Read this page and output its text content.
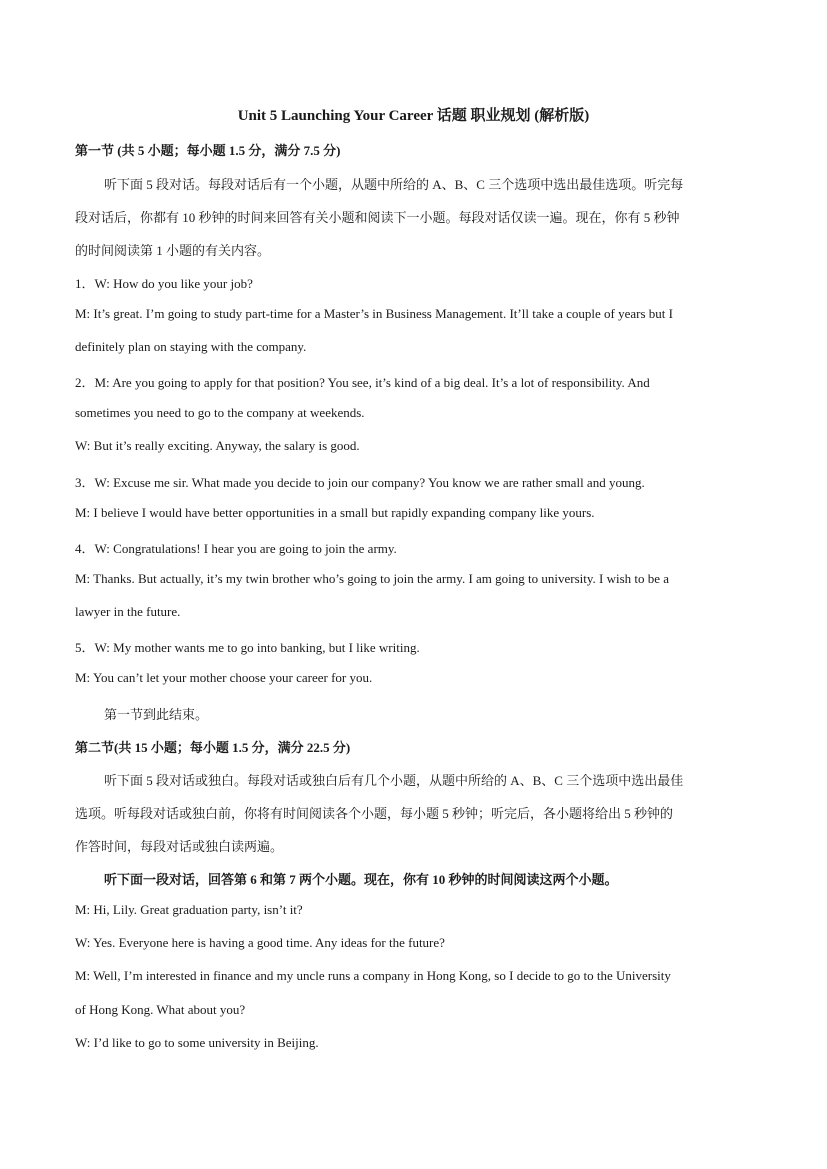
Unit 5 Launching Your Career 话题 职业规划 (解析版)
第一节 (共 5 小题；每小题 1.5 分，满分 7.5 分)
听下面 5 段对话。每段对话后有一个小题，从题中所给的 A、B、C 三个选项中选出最佳选项。听完每
段对话后，你都有 10 秒钟的时间来回答有关小题和阅读下一小题。每段对话仅读一遍。现在，你有 5 秒钟
的时间阅读第 1 小题的有关内容。
1．W: How do you like your job?
M: It’s great. I’m going to study part-time for a Master’s in Business Management. It’ll take a couple of years but I
definitely plan on staying with the company.
2．M: Are you going to apply for that position? You see, it’s kind of a big deal. It’s a lot of responsibility. And
sometimes you need to go to the company at weekends.
W: But it’s really exciting. Anyway, the salary is good.
3．W: Excuse me sir. What made you decide to join our company? You know we are rather small and young.
M: I believe I would have better opportunities in a small but rapidly expanding company like yours.
4．W: Congratulations! I hear you are going to join the army.
M: Thanks. But actually, it’s my twin brother who’s going to join the army. I am going to university. I wish to be a
lawyer in the future.
5．W: My mother wants me to go into banking, but I like writing.
M: You can’t let your mother choose your career for you.
第一节到此结束。
第二节(共 15 小题；每小题 1.5 分，满分 22.5 分)
听下面 5 段对话或独白。每段对话或独白后有几个小题，从题中所给的 A、B、C 三个选项中选出最佳
选项。听每段对话或独白前，你将有时间阅读各个小题，每小题 5 秒钟；听完后，各小题将给出 5 秒钟的
作答时间，每段对话或独白读两遍。
听下面一段对话，回答第 6 和第 7 两个小题。现在，你有 10 秒钟的时间阅读这两个小题。
M: Hi, Lily. Great graduation party, isn’t it?
W: Yes. Everyone here is having a good time. Any ideas for the future?
M: Well, I’m interested in finance and my uncle runs a company in Hong Kong, so I decide to go to the University
of Hong Kong. What about you?
W: I’d like to go to some university in Beijing.
